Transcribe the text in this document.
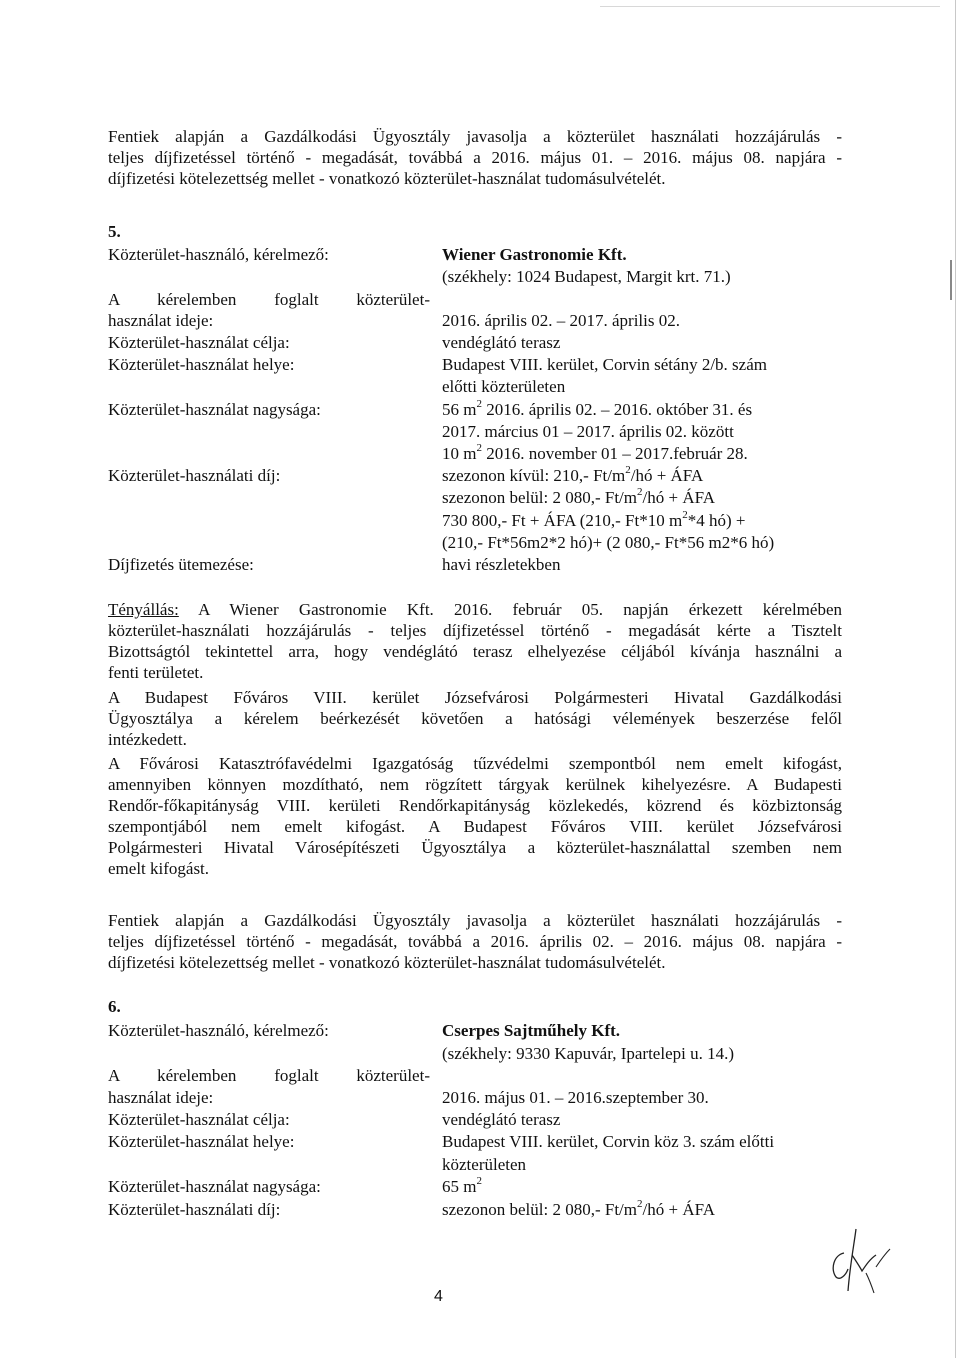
Fentiek alapján a Gazdálkodási Ügyosztály javasolja a közterület használati hozzájárulás -
teljes díjfizetéssel történő - megadását, továbbá a 2016. május 01. – 2016. május 08. napjára -
díjfizetési kötelezettség mellet - vonatkozó közterület-használat tudomásulvételét.
5.
Közterület-használó, kérelmező:
A kérelemben foglalt közterület-
használat ideje:
Közterület-használat célja:
Közterület-használat helye:
Közterület-használat nagysága:
Közterület-használati díj:
Díjfizetés ütemezése:
Wiener Gastronomie Kft.
(székhely: 1024 Budapest, Margit krt. 71.)
2016. április 02. – 2017. április 02.
vendéglátó terasz
Budapest VIII. kerület, Corvin sétány 2/b. szám
előtti közterületen
56 $m^2$ 2016. április 02. – 2016. október 31. és
2017. március 01 – 2017. április 02. között
10 $m^2$ 2016. november 01 – 2017.február 28.
szezonon kívül: 210,- $Ft/m^2/hó$ + ÁFA
szezonon belül: 2 080,- $Ft/m^2/hó$ + ÁFA
730 800,- Ft + ÁFA (210,- Ft*10 $m^2*4$ hó) +
(210,- Ft*56m2*2 hó)+ (2 080,- Ft*56 m2*6 hó)
havi részletekben
Tényállás: A Wiener Gastronomie Kft. 2016. február 05. napján érkezett kérelmében
közterület-használati hozzájárulás - teljes díjfizetéssel történő - megadását kérte a Tisztelt
Bizottságtól tekintettel arra, hogy vendéglátó terasz elhelyezése céljából kívánja használni a
fenti területet.
A Budapest Főváros VIII. kerület Józsefvárosi Polgármesteri Hivatal Gazdálkodási
Ügyosztálya a kérelem beérkezését követően a hatósági vélemények beszerzése felől
intézkedett.
A Fővárosi Katasztrófavédelmi Igazgatóság tűzvédelmi szempontból nem emelt kifogást,
amennyiben könnyen mozdítható, nem rögzített tárgyak kerülnek kihelyezésre. A Budapesti
Rendőr-főkapitányság VIII. kerületi Rendőrkapitányság közlekedés, közrend és közbiztonság
szempontjából nem emelt kifogást. A Budapest Főváros VIII. kerület Józsefvárosi
Polgármesteri Hivatal Városépítészeti Ügyosztálya a közterület-használattal szemben nem
emelt kifogást.
Fentiek alapján a Gazdálkodási Ügyosztály javasolja a közterület használati hozzájárulás -
teljes díjfizetéssel történő - megadását, továbbá a 2016. április 02. – 2016. május 08. napjára -
díjfizetési kötelezettség mellet - vonatkozó közterület-használat tudomásulvételét.
6.
Közterület-használó, kérelmező:
A kérelemben foglalt közterület-
használat ideje:
Közterület-használat célja:
Közterület-használat helye:
Közterület-használat nagysága:
Közterület-használati díj:
Cserpes Sajtműhely Kft.
(székhely: 9330 Kapuvár, Ipartelepi u. 14.)
2016. május 01. – 2016.szeptember 30.
vendéglátó terasz
Budapest VIII. kerület, Corvin köz 3. szám előtti
közterületen
65 $m^2$
szezonon belül: 2 080,- $Ft/m^2/hó$ + ÁFA
4
